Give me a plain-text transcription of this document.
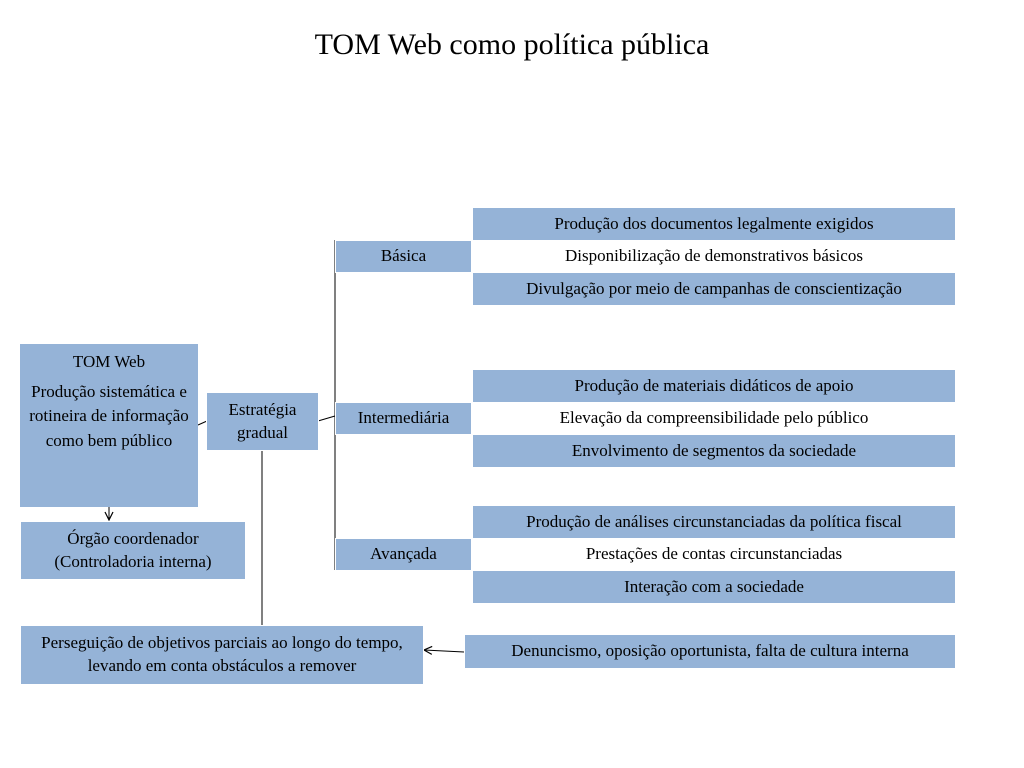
TOM Web como política pública
Básica
Produção dos documentos legalmente exigidos
Disponibilização de demonstrativos básicos
Divulgação por meio de campanhas de conscientização
Intermediária
Produção de materiais didáticos de apoio
Elevação da compreensibilidade pelo público
Envolvimento de segmentos da sociedade
Avançada
Produção de análises circunstanciadas da política fiscal
Prestações de contas circunstanciadas
Interação com a sociedade
TOM Web
Produção sistemática e rotineira de informação como bem público
Estratégia gradual
Órgão coordenador (Controladoria interna)
Perseguição de objetivos parciais ao longo do tempo, levando em conta obstáculos a remover
Denuncismo, oposição oportunista, falta de cultura interna
